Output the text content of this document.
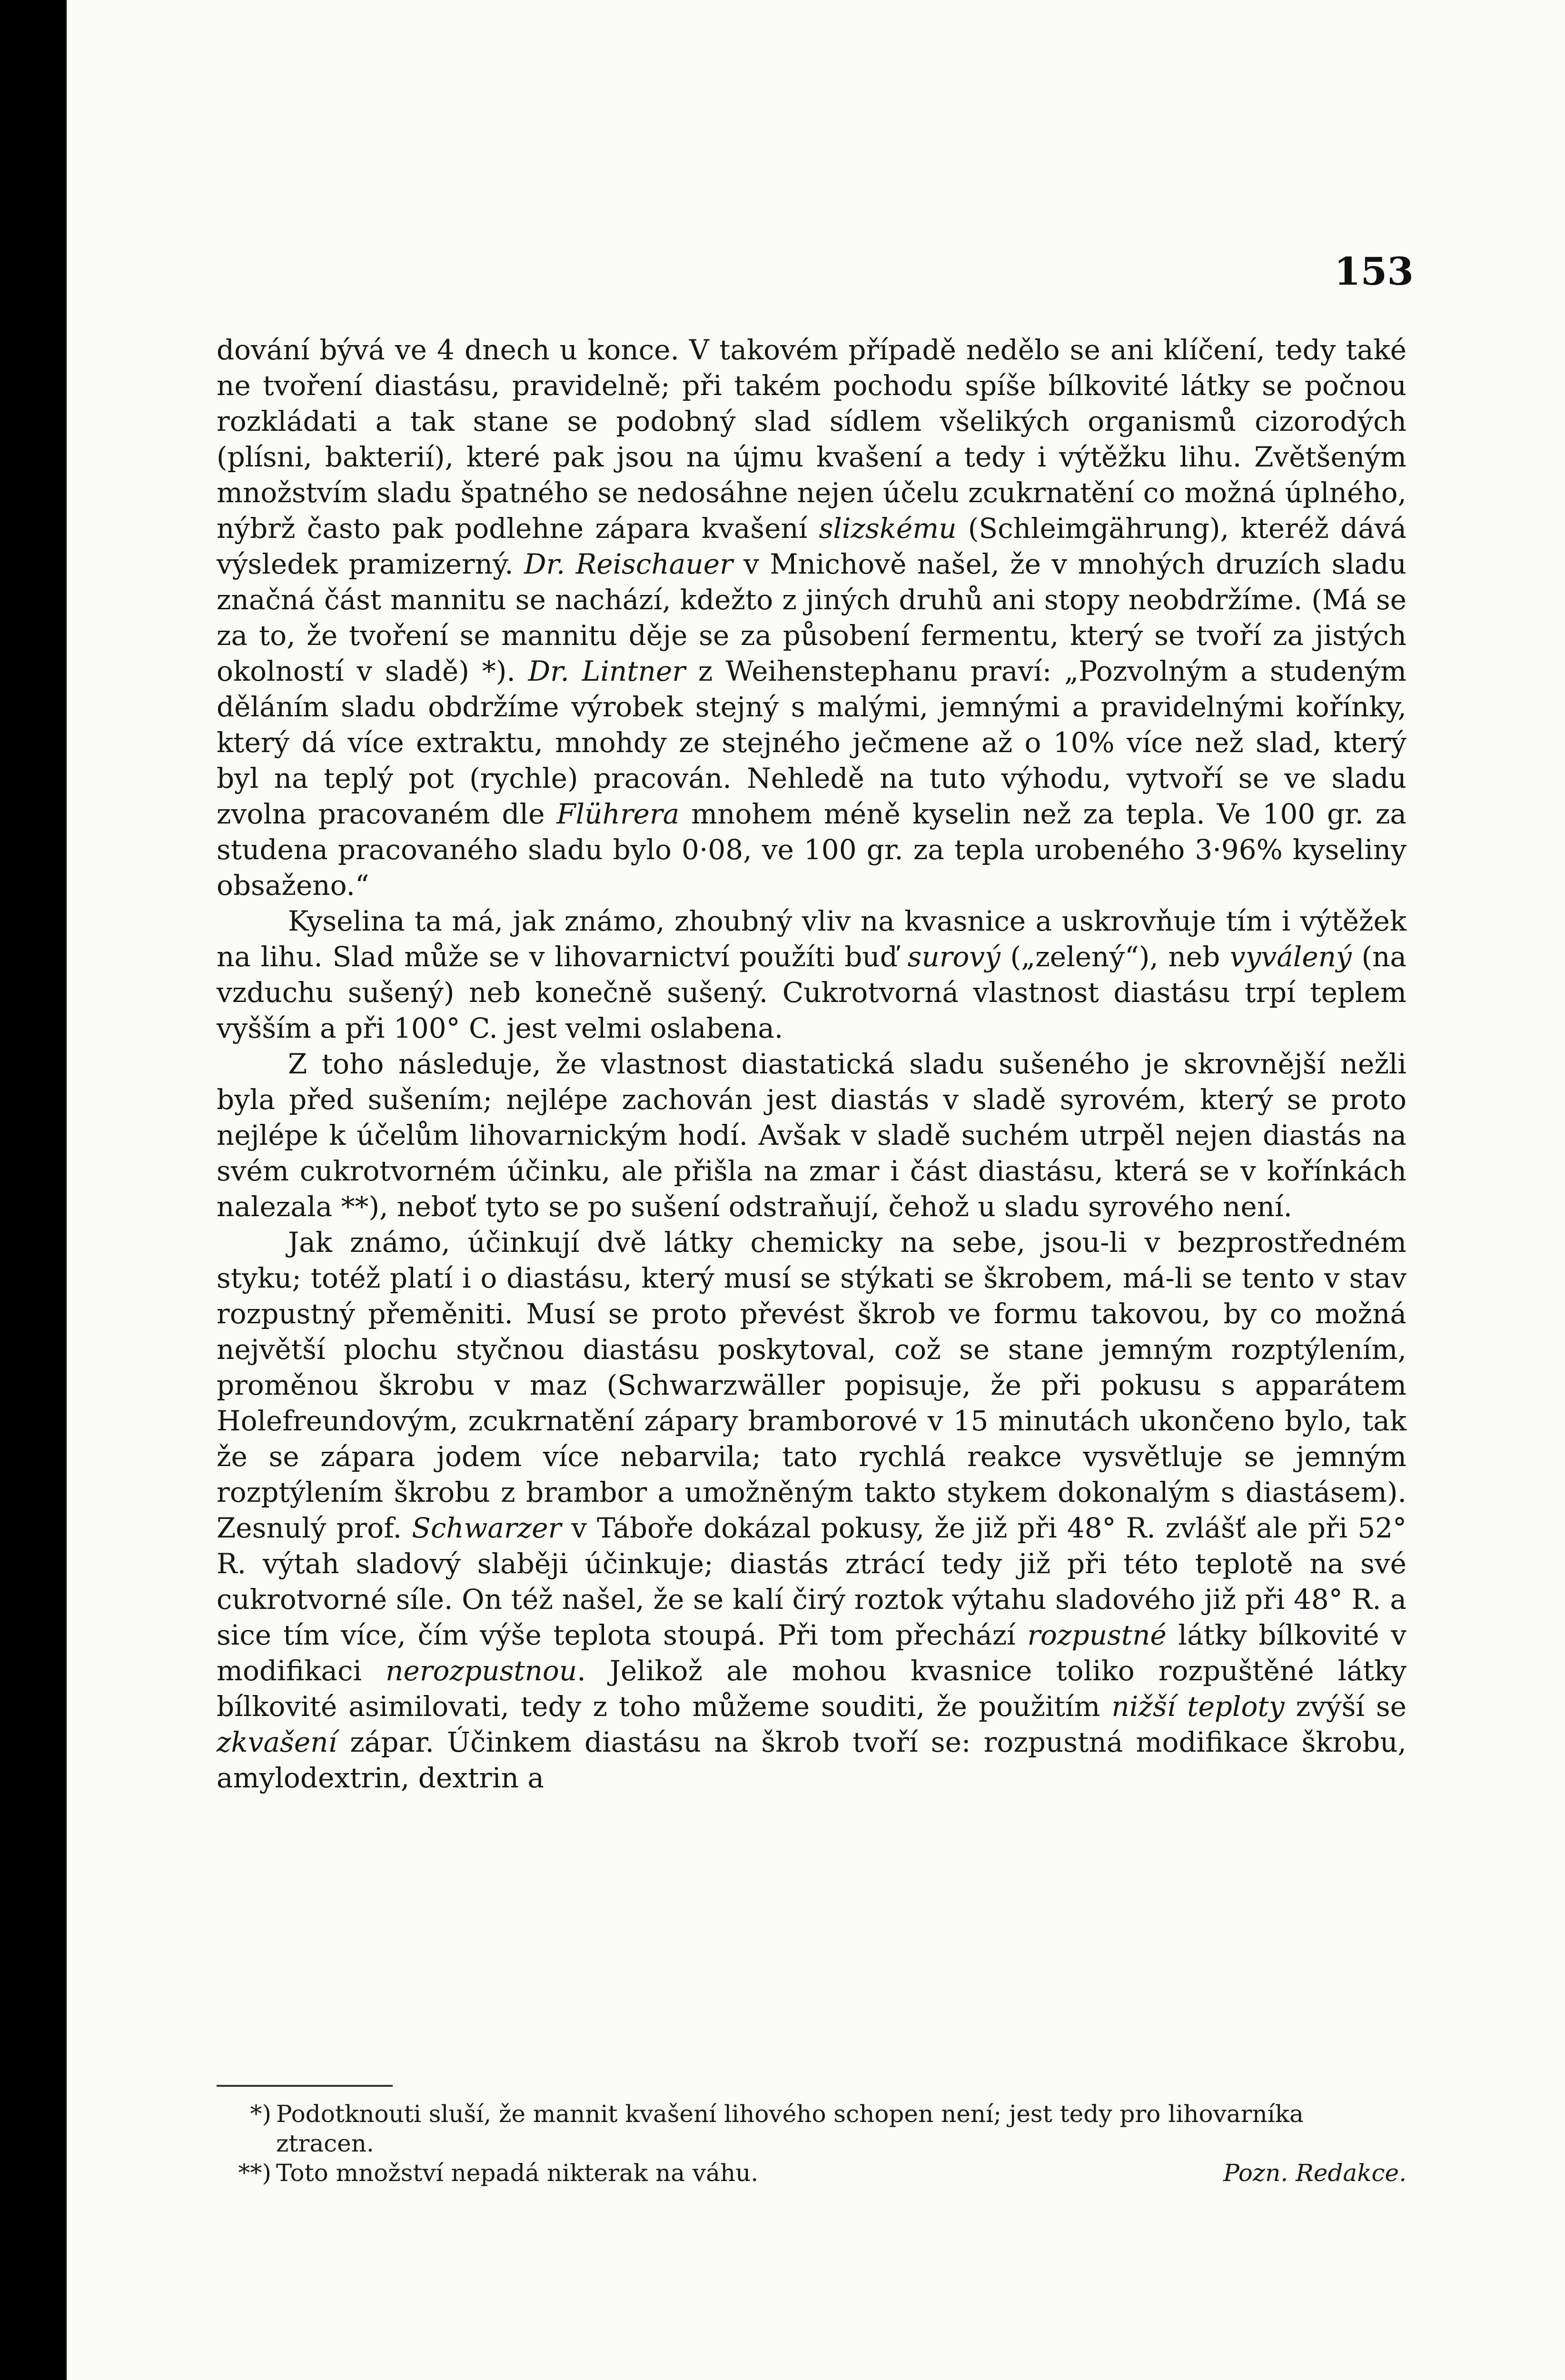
153

dování bývá ve 4 dnech u konce. V takovém případě nedělo se ani klíčení, tedy také ne tvoření diastásu, pravidelně; při takém pochodu spíše bílkovité látky se počnou rozkládati a tak stane se podobný slad sídlem všelikých organismů cizorodých (plísni, bakterií), které pak jsou na újmu kvašení a tedy i výtěžku lihu. Zvětšeným množstvím sladu špatného se nedosáhne nejen účelu zcukrnatění co možná úplného, nýbrž často pak podlehne zápara kvašení slizskému (Schleimgährung), kteréž dává výsledek pramizerný. Dr. Reischauer v Mnichově našel, že v mnohých druzích sladu značná část mannitu se nachází, kdežto z jiných druhů ani stopy neobdržíme. (Má se za to, že tvoření se mannitu děje se za působení fermentu, který se tvoří za jistých okolností v sladě) *). Dr. Lintner z Weihenstephanu praví: „Pozvolným a studeným děláním sladu obdržíme výrobek stejný s malými, jemnými a pravidelnými kořínky, který dá více extraktu, mnohdy ze stejného ječmene až o 10% více než slad, který byl na teplý pot (rychle) pracován. Nehledě na tuto výhodu, vytvoří se ve sladu zvolna pracovaném dle Flührera mnohem méně kyselin než za tepla. Ve 100 gr. za studena pracovaného sladu bylo 0·08, ve 100 gr. za tepla urobeného 3·96% kyseliny obsaženo.“

Kyselina ta má, jak známo, zhoubný vliv na kvasnice a uskrovňuje tím i výtěžek na lihu. Slad může se v lihovarnictví použíti buď surový („zelený“), neb vyválený (na vzduchu sušený) neb konečně sušený. Cukrotvorná vlastnost diastásu trpí teplem vyšším a při 100° C. jest velmi oslabena.

Z toho následuje, že vlastnost diastatická sladu sušeného je skrovnější nežli byla před sušením; nejlépe zachován jest diastás v sladě syrovém, který se proto nejlépe k účelům lihovarnickým hodí. Avšak v sladě suchém utrpěl nejen diastás na svém cukrotvorném účinku, ale přišla na zmar i část diastásu, která se v kořínkách nalezala **), neboť tyto se po sušení odstraňují, čehož u sladu syrového není.

Jak známo, účinkují dvě látky chemicky na sebe, jsou-li v bezprostředném styku; totéž platí i o diastásu, který musí se stýkati se škrobem, má-li se tento v stav rozpustný přeměniti. Musí se proto převést škrob ve formu takovou, by co možná největší plochu styčnou diastásu poskytoval, což se stane jemným rozptýlením, proměnou škrobu v maz (Schwarzwäller popisuje, že při pokusu s apparátem Holefreundovým, zcukrnatění zápary bramborové v 15 minutách ukončeno bylo, tak že se zápara jodem více nebarvila; tato rychlá reakce vysvětluje se jemným rozptýlením škrobu z brambor a umožněným takto stykem dokonalým s diastásem). Zesnulý prof. Schwarzer v Táboře dokázal pokusy, že již při 48° R. zvlášť ale při 52° R. výtah sladový slaběji účinkuje; diastás ztrácí tedy již při této teplotě na své cukrotvorné síle. On též našel, že se kalí čirý roztok výtahu sladového již při 48° R. a sice tím více, čím výše teplota stoupá. Při tom přechází rozpustné látky bílkovité v modifikaci nerozpustnou. Jelikož ale mohou kvasnice toliko rozpuštěné látky bílkovité asimilovati, tedy z toho můžeme souditi, že použitím nižší teploty zvýší se zkvašení zápar. Účinkem diastásu na škrob tvoří se: rozpustná modifikace škrobu, amylodextrin, dextrin a

*) Podotknouti sluší, že mannit kvašení lihového schopen není; jest tedy pro lihovarníka ztracen.
**) Toto množství nepadá nikterak na váhu.	Pozn. Redakce.
